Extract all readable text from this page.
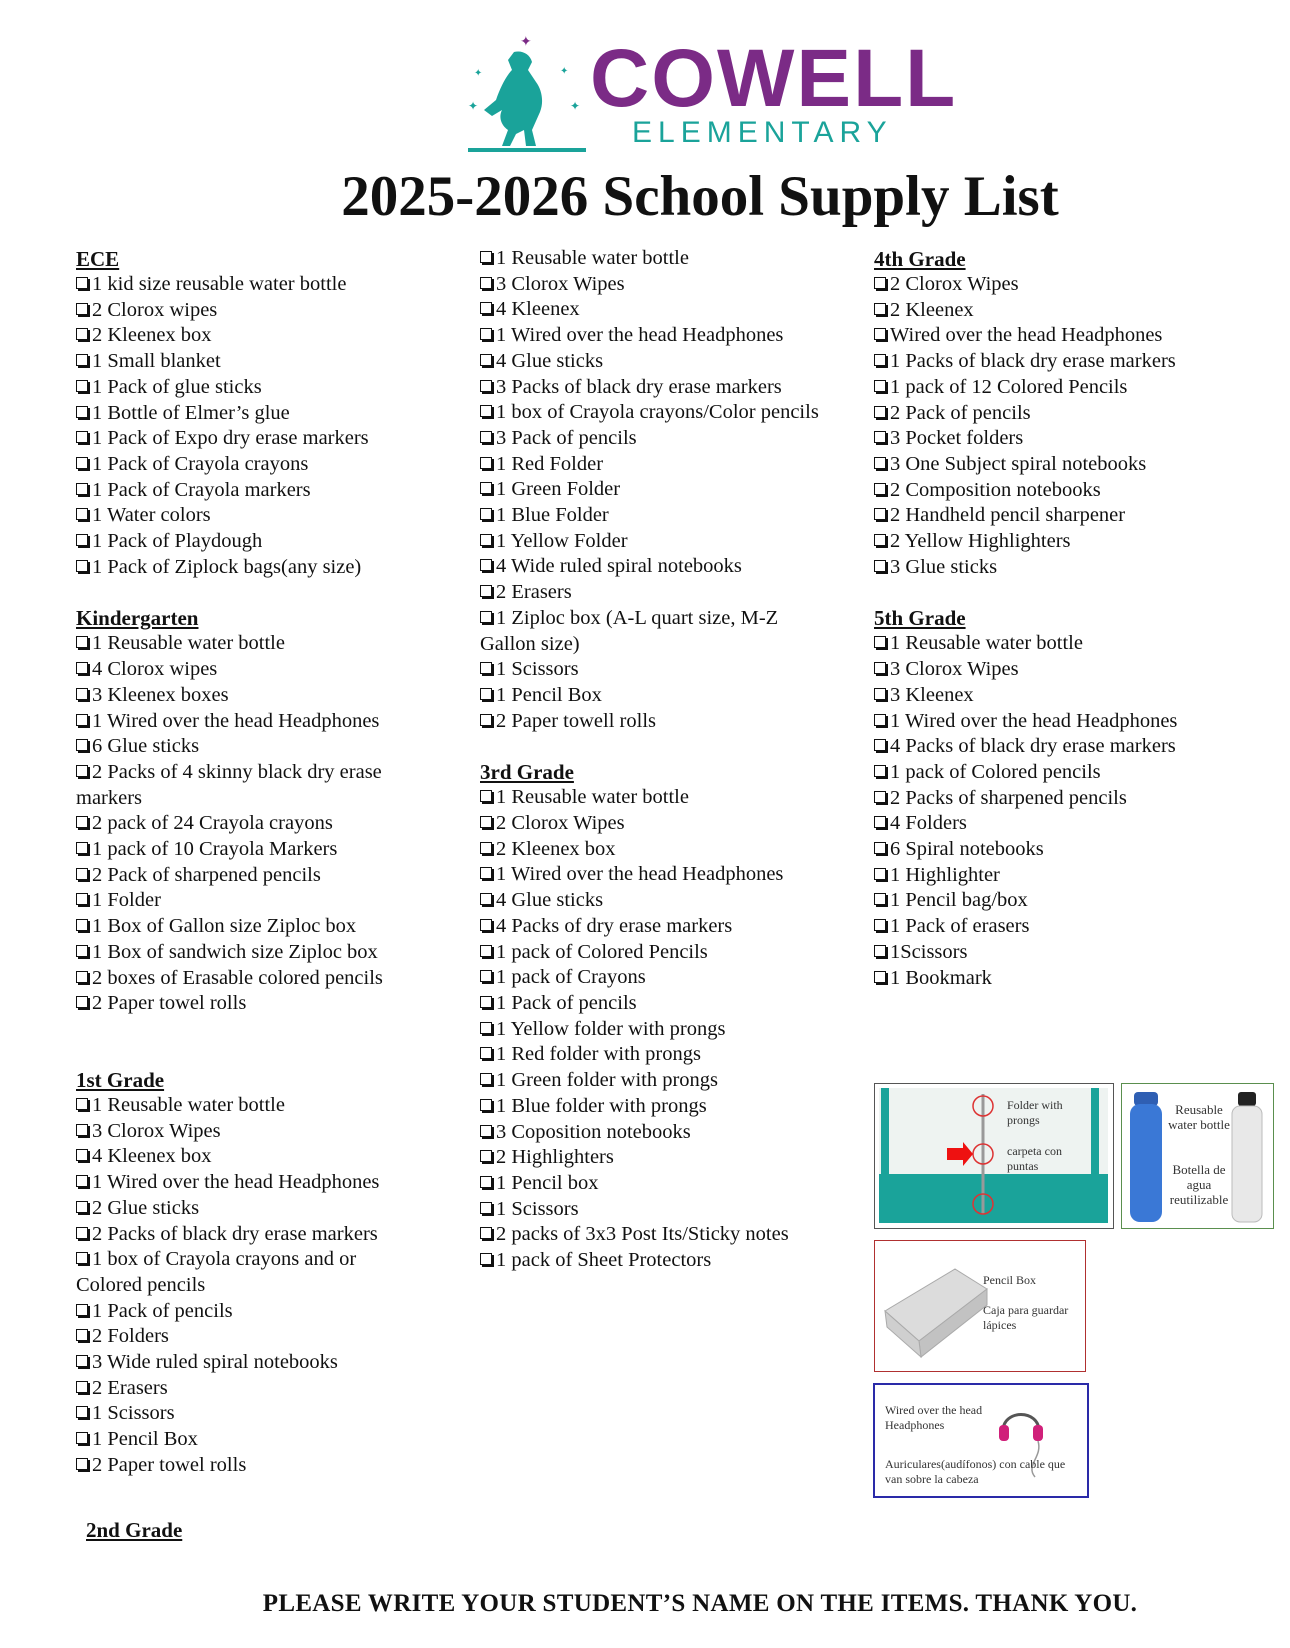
✦
✦
✦
✦
✦ COWELL
ELEMENTARY
2025-2026 School Supply List
ECE
1 kid size reusable water bottle
2 Clorox wipes
2 Kleenex box
1 Small blanket
1 Pack of glue sticks
1 Bottle of Elmer’s glue
1 Pack of Expo dry erase markers
1 Pack of Crayola crayons
1 Pack of Crayola markers
1 Water colors
1 Pack of Playdough
1 Pack of Ziplock bags(any size)
Kindergarten
1 Reusable water bottle
4 Clorox wipes
3 Kleenex boxes
1 Wired over the head Headphones
6 Glue sticks
2 Packs of 4 skinny black dry erase markers
2 pack of 24 Crayola crayons
1 pack of 10 Crayola Markers
2 Pack of sharpened pencils
1 Folder
1 Box of Gallon size Ziploc box
1 Box of sandwich size Ziploc box
2 boxes of Erasable colored pencils
2 Paper towel rolls
1st Grade
1 Reusable water bottle
3 Clorox Wipes
4 Kleenex box
1 Wired over the head Headphones
2 Glue sticks
2 Packs of black dry erase markers
1 box of Crayola crayons and or Colored pencils
1 Pack of pencils
2 Folders
3 Wide ruled spiral notebooks
2 Erasers
1 Scissors
1 Pencil Box
2 Paper towel rolls
2nd Grade
1 Reusable water bottle
3 Clorox Wipes
4 Kleenex
1 Wired over the head Headphones
4 Glue sticks
3 Packs of black dry erase markers
1 box of Crayola crayons/Color pencils
3 Pack of pencils
1 Red Folder
1 Green Folder
1 Blue Folder
1 Yellow Folder
4 Wide ruled spiral notebooks
2 Erasers
1 Ziploc box (A-L quart size, M-Z Gallon size)
1 Scissors
1 Pencil Box
2 Paper towell rolls
3rd Grade
1 Reusable water bottle
2 Clorox Wipes
2 Kleenex box
1 Wired over the head Headphones
4 Glue sticks
4 Packs of dry erase markers
1 pack of Colored Pencils
1 pack of Crayons
1 Pack of pencils
1 Yellow folder with prongs
1 Red folder with prongs
1 Green folder with prongs
1 Blue folder with prongs
3 Coposition notebooks
2 Highlighters
1 Pencil box
1 Scissors
2 packs of 3x3 Post Its/Sticky notes
1 pack of Sheet Protectors
4th Grade
2 Clorox Wipes
2 Kleenex
Wired over the head Headphones
1 Packs of black dry erase markers
1 pack of 12 Colored Pencils
2 Pack of pencils
3 Pocket folders
3 One Subject spiral notebooks
2 Composition notebooks
2 Handheld pencil sharpener
2 Yellow Highlighters
3 Glue sticks
5th Grade
1 Reusable water bottle
3 Clorox Wipes
3 Kleenex
1 Wired over the head Headphones
4 Packs of black dry erase markers
1 pack of Colored pencils
2 Packs of sharpened pencils
4 Folders
6 Spiral notebooks
1 Highlighter
1 Pencil bag/box
1 Pack of erasers
1Scissors
1 Bookmark
Folder with prongs
carpeta con puntas
Reusable water bottle
Botella de agua reutilizable
Pencil Box
Caja para guardar lápices
Wired over the head Headphones
Auriculares(audífonos) con cable que van sobre la cabeza

PLEASE WRITE YOUR STUDENT’S NAME ON THE ITEMS. THANK YOU.
